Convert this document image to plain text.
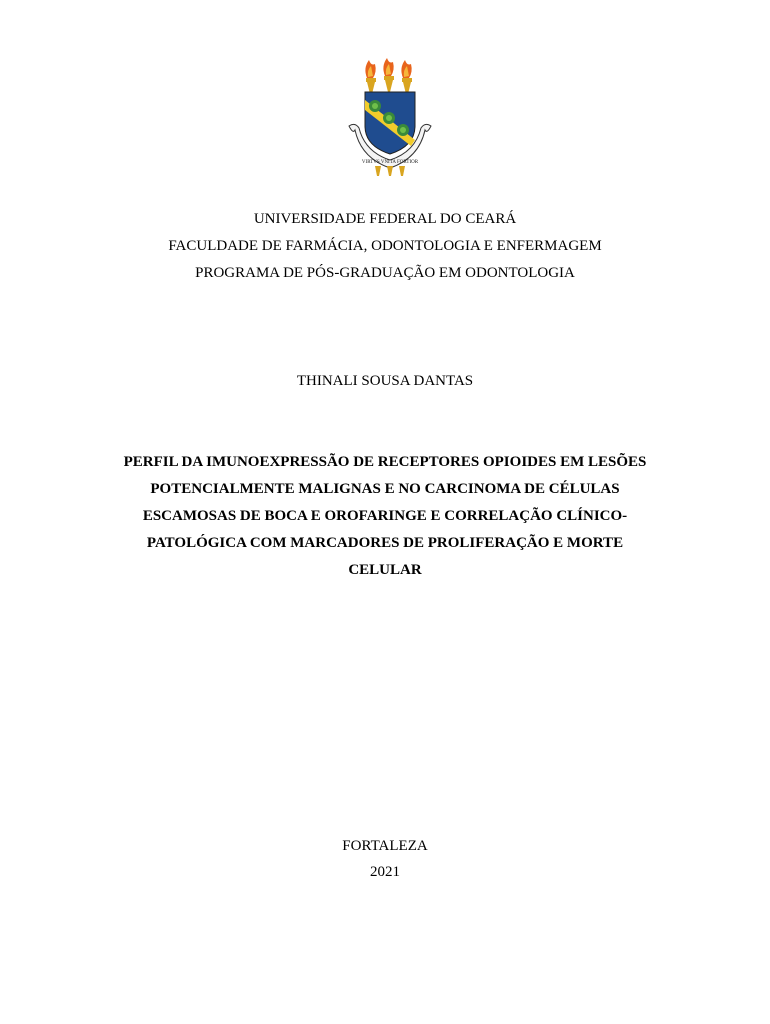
VIRTVS VNITA FORTIOR
UNIVERSIDADE FEDERAL DO CEARÁ
FACULDADE DE FARMÁCIA, ODONTOLOGIA E ENFERMAGEM
PROGRAMA DE PÓS-GRADUAÇÃO EM ODONTOLOGIA
THINALI SOUSA DANTAS
PERFIL DA IMUNOEXPRESSÃO DE RECEPTORES OPIOIDES EM LESÕES
POTENCIALMENTE MALIGNAS E NO CARCINOMA DE CÉLULAS
ESCAMOSAS DE BOCA E OROFARINGE E CORRELAÇÃO CLÍNICO-
PATOLÓGICA COM MARCADORES DE PROLIFERAÇÃO E MORTE
CELULAR
FORTALEZA
2021
